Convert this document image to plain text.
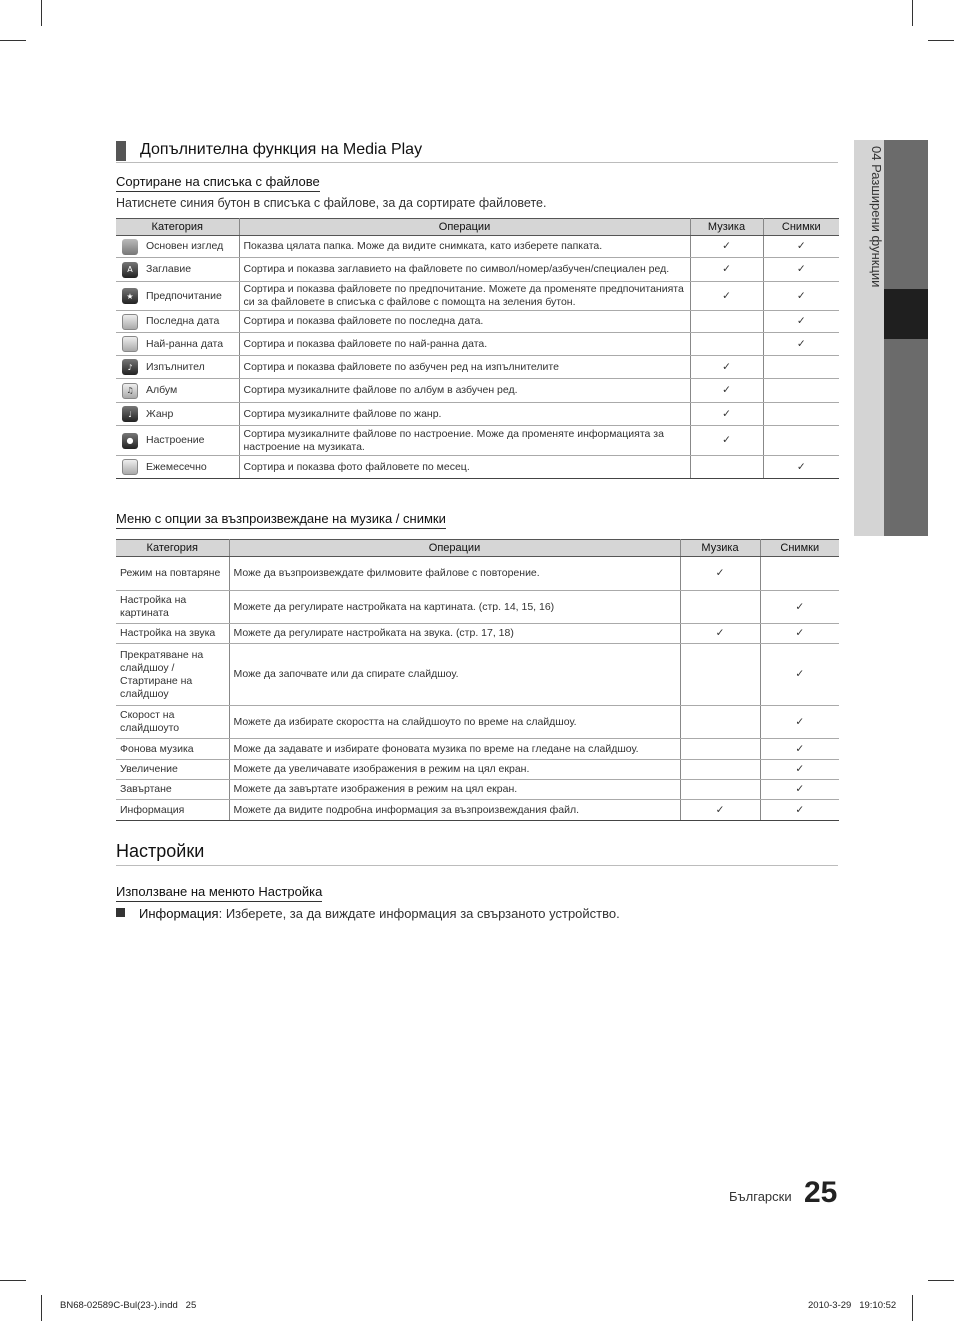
04 Разширени функции
Допълнителна функция на Media Play
Сортиране на списъка с файлове
Натиснете синия бутон в списъка с файлове, за да сортирате файловете.
Категория	Операции	Музика	Снимки

Основен изглед	Показва цялата папка. Може да видите снимката, като изберете папката.	✓	✓

A Заглавие	Сортира и показва заглавието на файловете по символ/номер/азбучен/специален ред.	✓	✓

★ Предпочитание	Сортира и показва файловете по предпочитание. Можете да променяте предпочитанията си за файловете в списъка с файлове с помощта на зеления бутон.	✓	✓

Последна дата	Сортира и показва файловете по последна дата.		✓

Най-ранна дата	Сортира и показва файловете по най-ранна дата.		✓

♪ Изпълнител	Сортира и показва файловете по азбучен ред на изпълнителите	✓	

♫ Албум	Сортира музикалните файлове по албум в азбучен ред.	✓	

♩ Жанр	Сортира музикалните файлове по жанр.	✓	

● Настроение	Сортира музикалните файлове по настроение. Може да променяте информацията за настроение на музиката.	✓	

Ежемесечно	Сортира и показва фото файловете по месец.		✓
Меню с опции за възпроизвеждане на музика / снимки
Категория	Операции	Музика	Снимки
Режим на повтаряне	Може да възпроизвеждате филмовите файлове с повторение.	✓	
Настройка на картината	Можете да регулирате настройката на картината. (стр. 14, 15, 16)		✓
Настройка на звука	Можете да регулирате настройката на звука. (стр. 17, 18)	✓	✓
Прекратяване на слайдшоу / Стартиране на слайдшоу	Може да започвате или да спирате слайдшоу.		✓
Скорост на слайдшоуто	Можете да избирате скоростта на слайдшоуто по време на слайдшоу.		✓
Фонова музика	Може да задавате и избирате фоновата музика по време на гледане на слайдшоу.		✓
Увеличение	Можете да увеличавате изображения в режим на цял екран.		✓
Завъртане	Можете да завъртате изображения в режим на цял екран.		✓
Информация	Можете да видите подробна информация за възпроизвеждания файл.	✓	✓
Настройки
Използване на менюто Настройка
Информация: Изберете, за да виждате информация за свързаното устройство.
Български 25
BN68-02589C-Bul(23-).indd   25	2010-3-29   19:10:52
